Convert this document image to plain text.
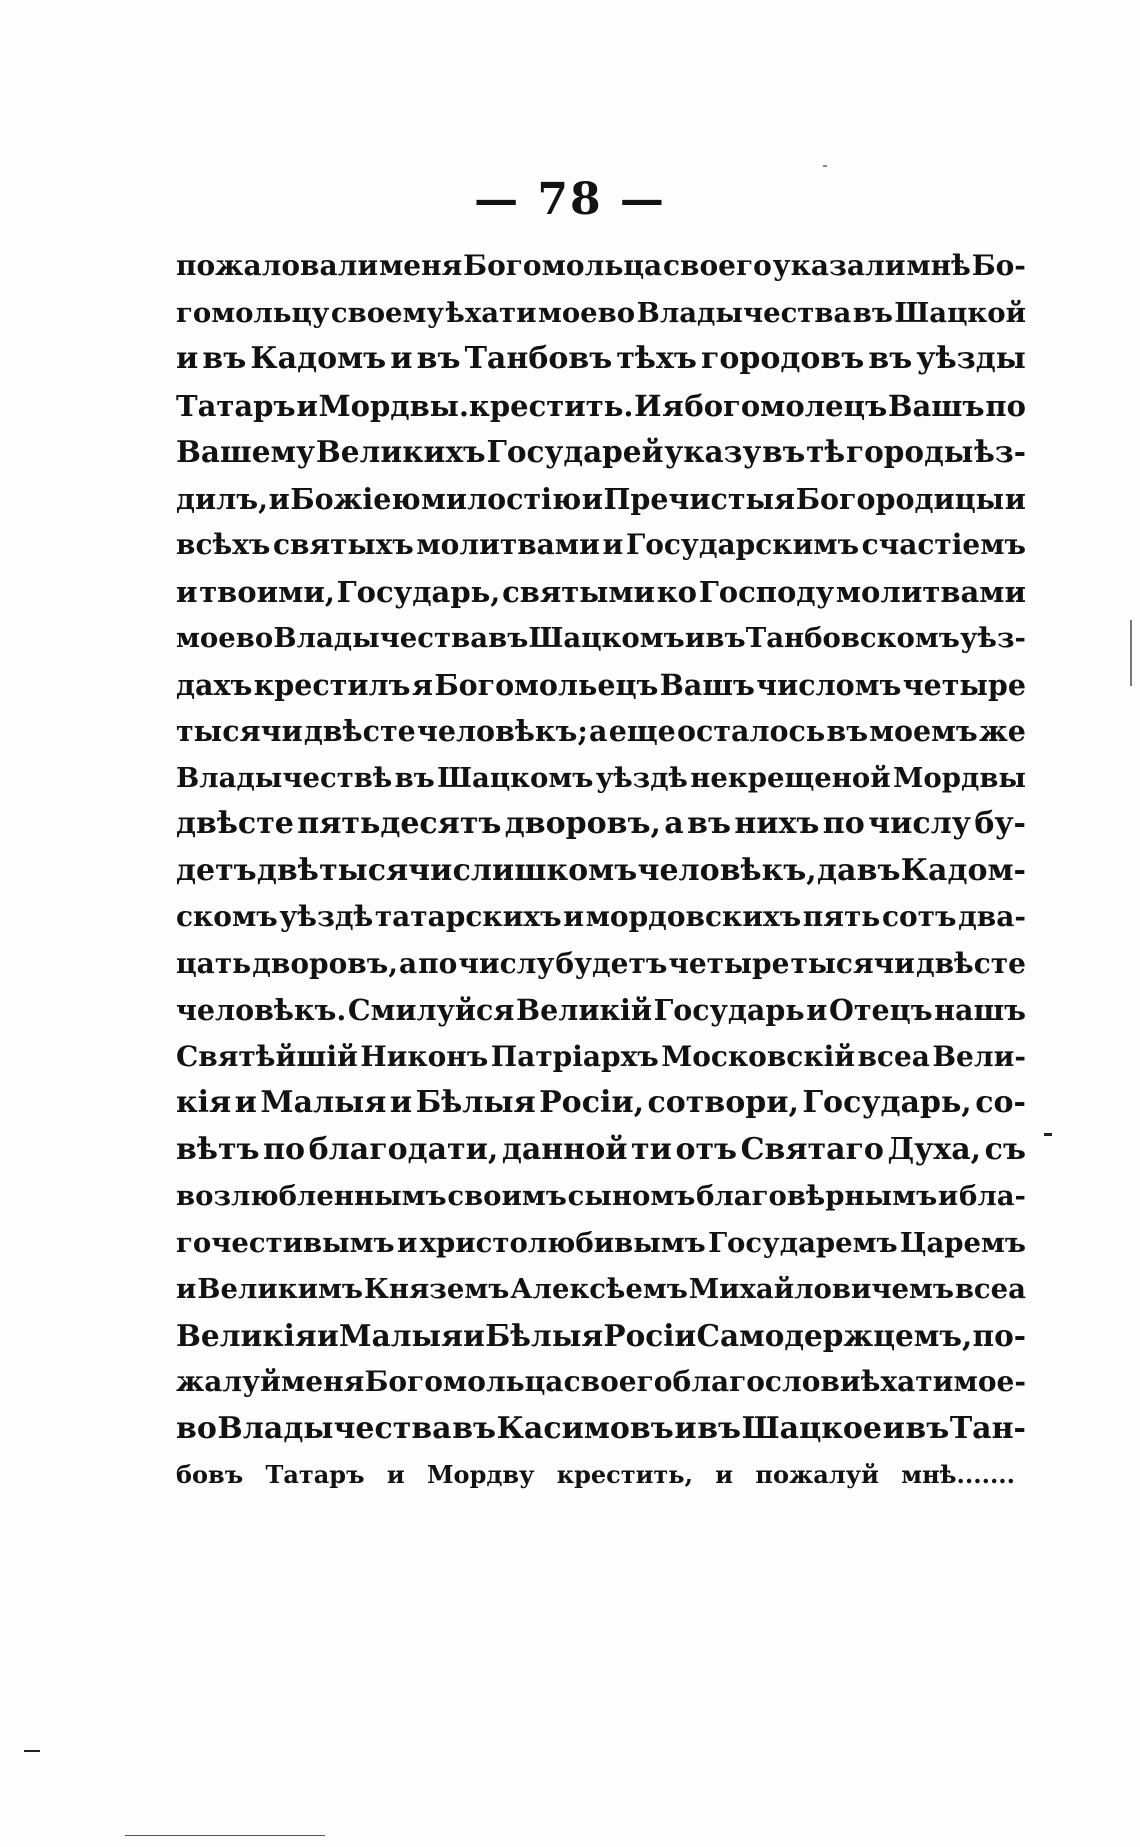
— 78 —
пожаловали меня Богомольца своего указали мнѣ Бо-
гомольцу своему ѣхати моево Владычества въ Шацкой
и въ Кадомъ и въ Танбовъ тѣхъ городовъ въ уѣзды
Татаръ и Мордвы.крестить. И я богомолецъ Вашъ по
Вашему Великихъ Государей указу въ тѣ городы ѣз-
дилъ, и Божiею милостiю и Пречистыя Богородицы и
всѣхъ святыхъ молитвами и Государскимъ счастiемъ
и твоими, Государь, святыми ко Господу молитвами
моево Владычества въ Шацкомъ и въ Танбовскомъ уѣз-
дахъ крестилъ я Богомольецъ Вашъ числомъ четыре
тысячи двѣсте человѣкъ; а еще осталось въ моемъ же
Владычествѣ въ Шацкомъ уѣздѣ некрещеной Мордвы
двѣсте пятьдесятъ дворовъ, а въ нихъ по числу бу-
детъ двѣ тысячи слишкомъ человѣкъ, да въ Кадом-
скомъ уѣздѣ татарскихъ и мордовскихъ пять сотъ два-
цать дворовъ, а по числу будетъ четыре тысячи двѣсте
человѣкъ. Смилуйся Великiй Государь и Отецъ нашъ
Святѣйшiй Никонъ Патрiархъ Московскiй всеа Вели-
кiя и Малыя и Бѣлыя Росiи, сотвори, Государь, со-
вѣтъ по благодати, данной ти отъ Святаго Духа, съ
возлюбленнымъ своимъ сыномъ благовѣрнымъ и бла-
гочестивымъ и христолюбивымъ Государемъ Царемъ
и Великимъ Княземъ Алексѣемъ Михайловичемъ всеа
Великiя и Малыя и Бѣлыя Росiи Самодержцемъ, по-
жалуй меня Богомольца своего благослови ѣхати мое-
во Владычества въ Касимовъ и въ Шацкое и въ Тан-
бовъ Татаръ и Мордву крестить, и пожалуй мнѣ.......
